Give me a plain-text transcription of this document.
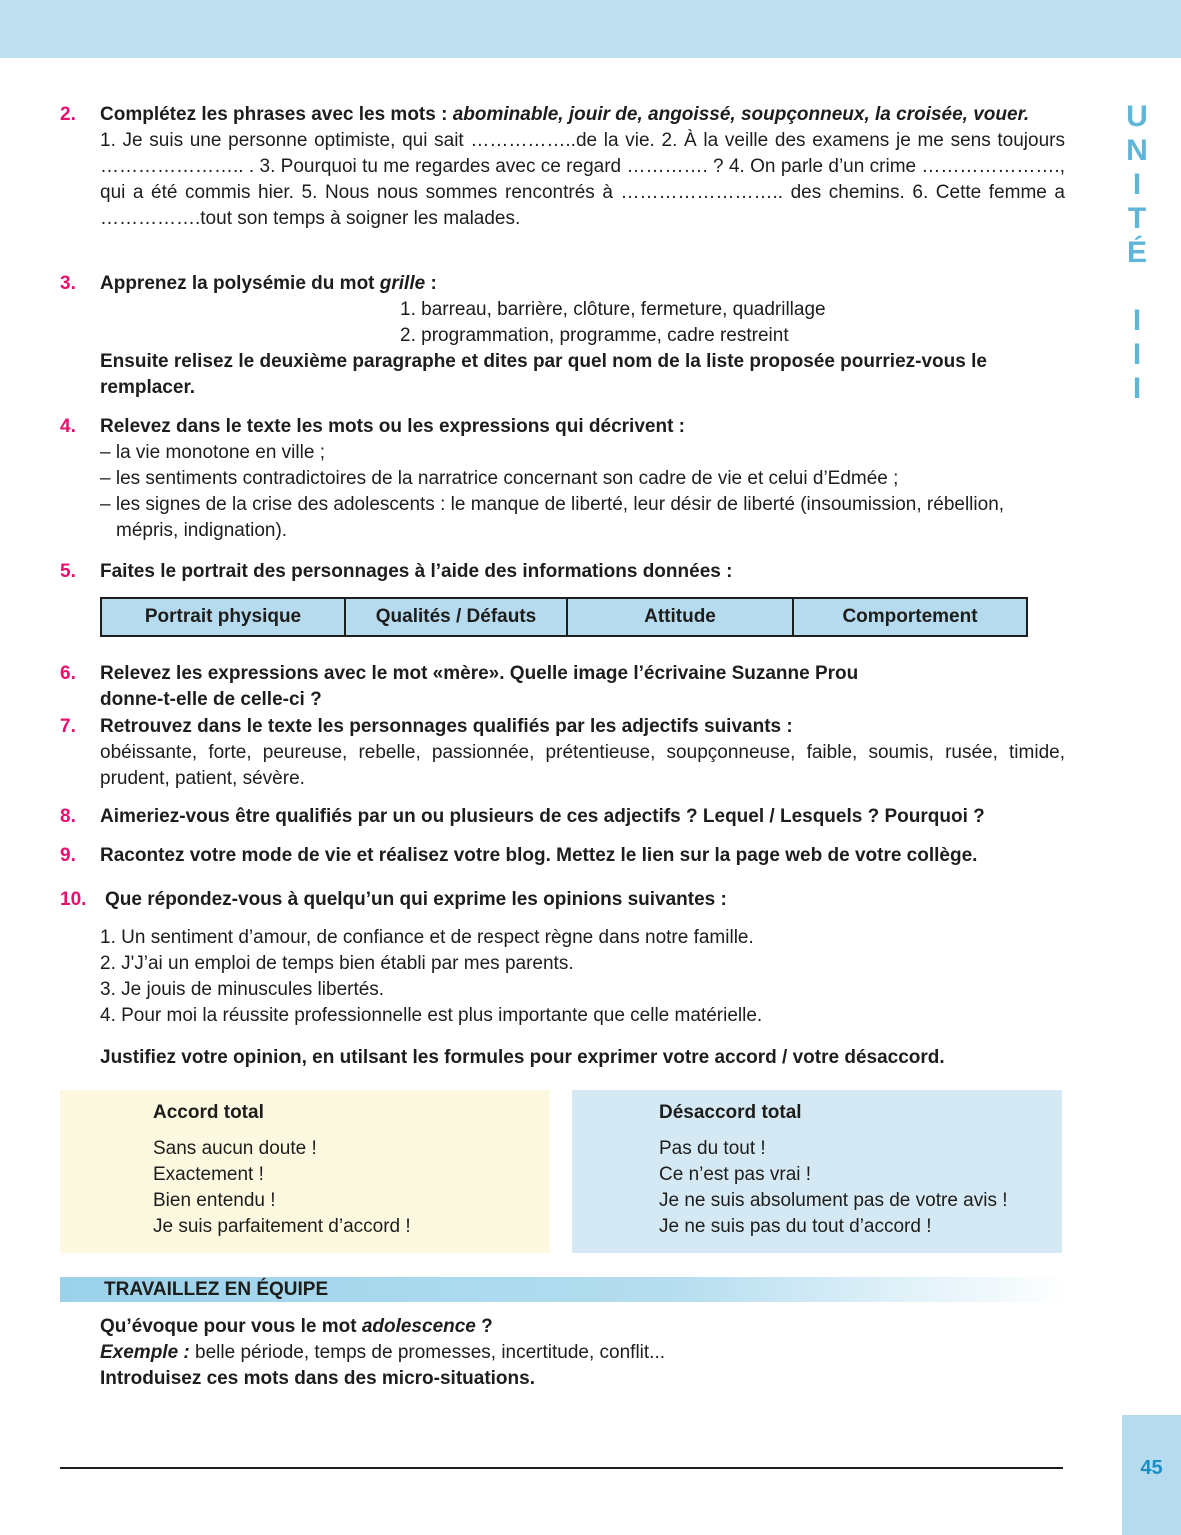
U
N
I
T
É
I
I
I
2. Complétez les phrases avec les mots : abominable, jouir de, angoissé, soupçonneux, la croisée, vouer.

1. Je suis une personne optimiste, qui sait ……………..de la vie. 2. À la veille des examens je me sens toujours ………………….. . 3. Pourquoi tu me regardes avec ce regard …………. ? 4. On parle d’un crime …………………., qui a été commis hier. 5. Nous nous sommes rencontrés à …………………….. des chemins. 6. Cette femme a …………….tout son temps à soigner les malades.

3. Apprenez la polysémie du mot grille :

1. barreau, barrière, clôture, fermeture, quadrillage

2. programmation, programme, cadre restreint

Ensuite relisez le deuxième paragraphe et dites par quel nom de la liste proposée pourriez-vous le remplacer.

4. Relevez dans le texte les mots ou les expressions qui décrivent :

– la vie monotone en ville ;

– les sentiments contradictoires de la narratrice concernant son cadre de vie et celui d’Edmée ;

– les signes de la crise des adolescents : le manque de liberté, leur désir de liberté (insoumission, rébellion, mépris, indignation).

5. Faites le portrait des personnages à l’aide des informations données :

Portrait physique	Qualités / Défauts	Attitude	Comportement
6. Relevez les expressions avec le mot «mère». Quelle image l’écrivaine Suzanne Prou donne-t-elle de celle-ci ?

7. Retrouvez dans le texte les personnages qualifiés par les adjectifs suivants :

obéissante, forte, peureuse, rebelle, passionnée, prétentieuse, soupçonneuse, faible, soumis, rusée, timide, prudent, patient, sévère.

8. Aimeriez-vous être qualifiés par un ou plusieurs de ces adjectifs ? Lequel / Lesquels ? Pourquoi ?

9. Racontez votre mode de vie et réalisez votre blog. Mettez le lien sur la page web de votre collège.

10. Que répondez-vous à quelqu’un qui exprime les opinions suivantes :

1. Un sentiment d’amour, de confiance et de respect règne dans notre famille.

2. J'J’ai un emploi de temps bien établi par mes parents.

3. Je jouis de minuscules libertés.

4. Pour moi la réussite professionnelle est plus importante que celle matérielle.

Justifiez votre opinion, en utilsant les formules pour exprimer votre accord / votre désaccord.

Accord total

Sans aucun doute !

Exactement !

Bien entendu !

Je suis parfaitement d’accord !

Désaccord total

Pas du tout !

Ce n’est pas vrai !

Je ne suis absolument pas de votre avis !

Je ne suis pas du tout d’accord !

TRAVAILLEZ EN ÉQUIPE

Qu’évoque pour vous le mot adolescence ?

Exemple : belle période, temps de promesses, incertitude, conflit...

Introduisez ces mots dans des micro-situations.

45
